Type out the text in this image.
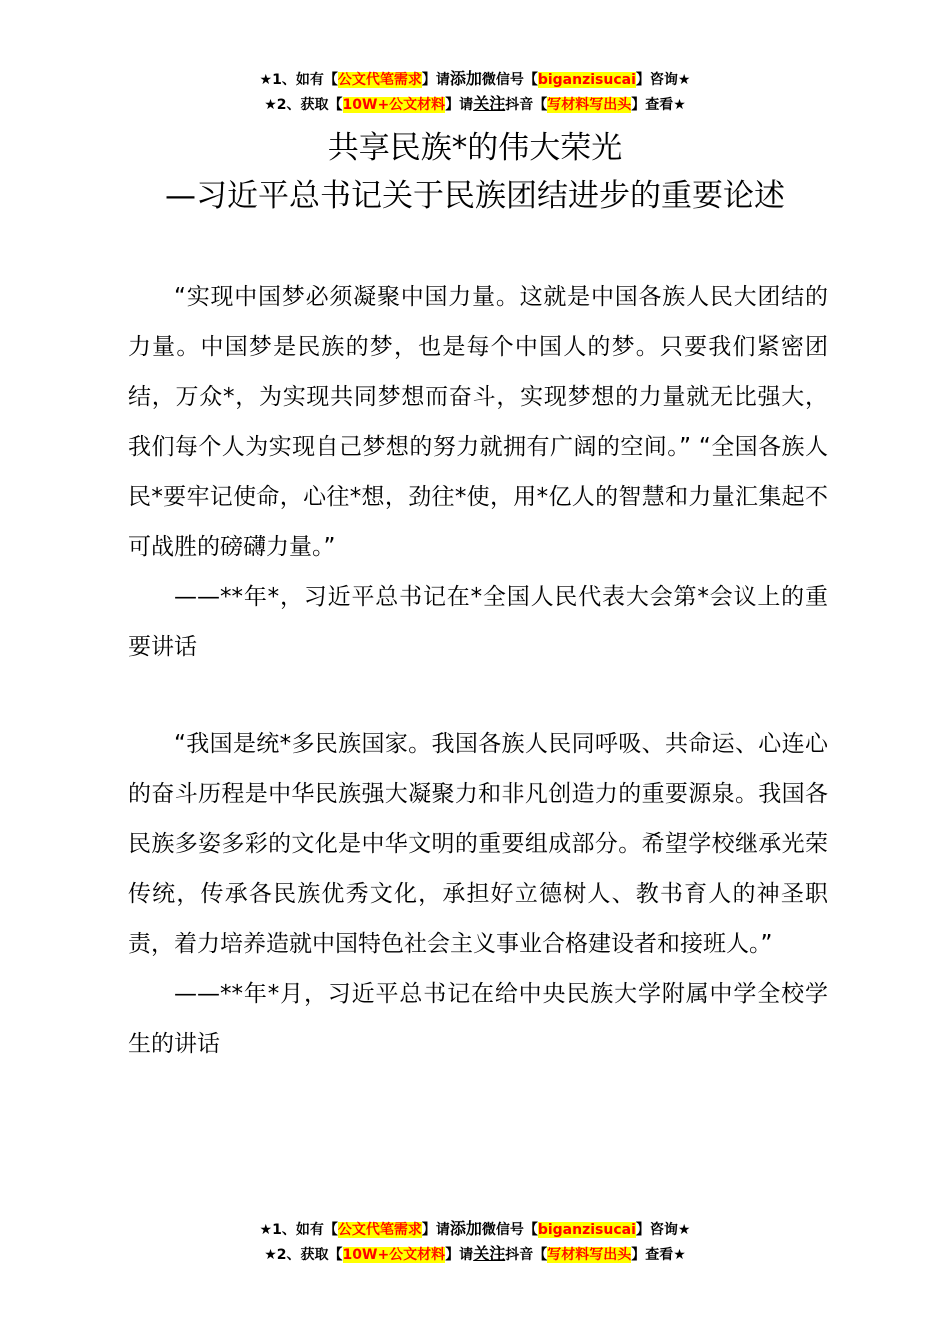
★1、如有【公文代笔需求】请添加微信号【biganzisucai】咨询★
★2、获取【10W+公文材料】请关注抖音【写材料写出头】查看★
共享民族*的伟大荣光
—习近平总书记关于民族团结进步的重要论述

“实现中国梦必须凝聚中国力量。这就是中国各族人民大团结的力量。中国梦是民族的梦，也是每个中国人的梦。只要我们紧密团结，万众*，为实现共同梦想而奋斗，实现梦想的力量就无比强大，我们每个人为实现自己梦想的努力就拥有广阔的空间。” “全国各族人民*要牢记使命，心往*想，劲往*使，用*亿人的智慧和力量汇集起不可战胜的磅礴力量。”

——**年*，习近平总书记在*全国人民代表大会第*会议上的重要讲话

“我国是统*多民族国家。我国各族人民同呼吸、共命运、心连心的奋斗历程是中华民族强大凝聚力和非凡创造力的重要源泉。我国各民族多姿多彩的文化是中华文明的重要组成部分。希望学校继承光荣传统，传承各民族优秀文化，承担好立德树人、教书育人的神圣职责，着力培养造就中国特色社会主义事业合格建设者和接班人。”

——**年*月，习近平总书记在给中央民族大学附属中学全校学生的讲话

★1、如有【公文代笔需求】请添加微信号【biganzisucai】咨询★
★2、获取【10W+公文材料】请关注抖音【写材料写出头】查看★
